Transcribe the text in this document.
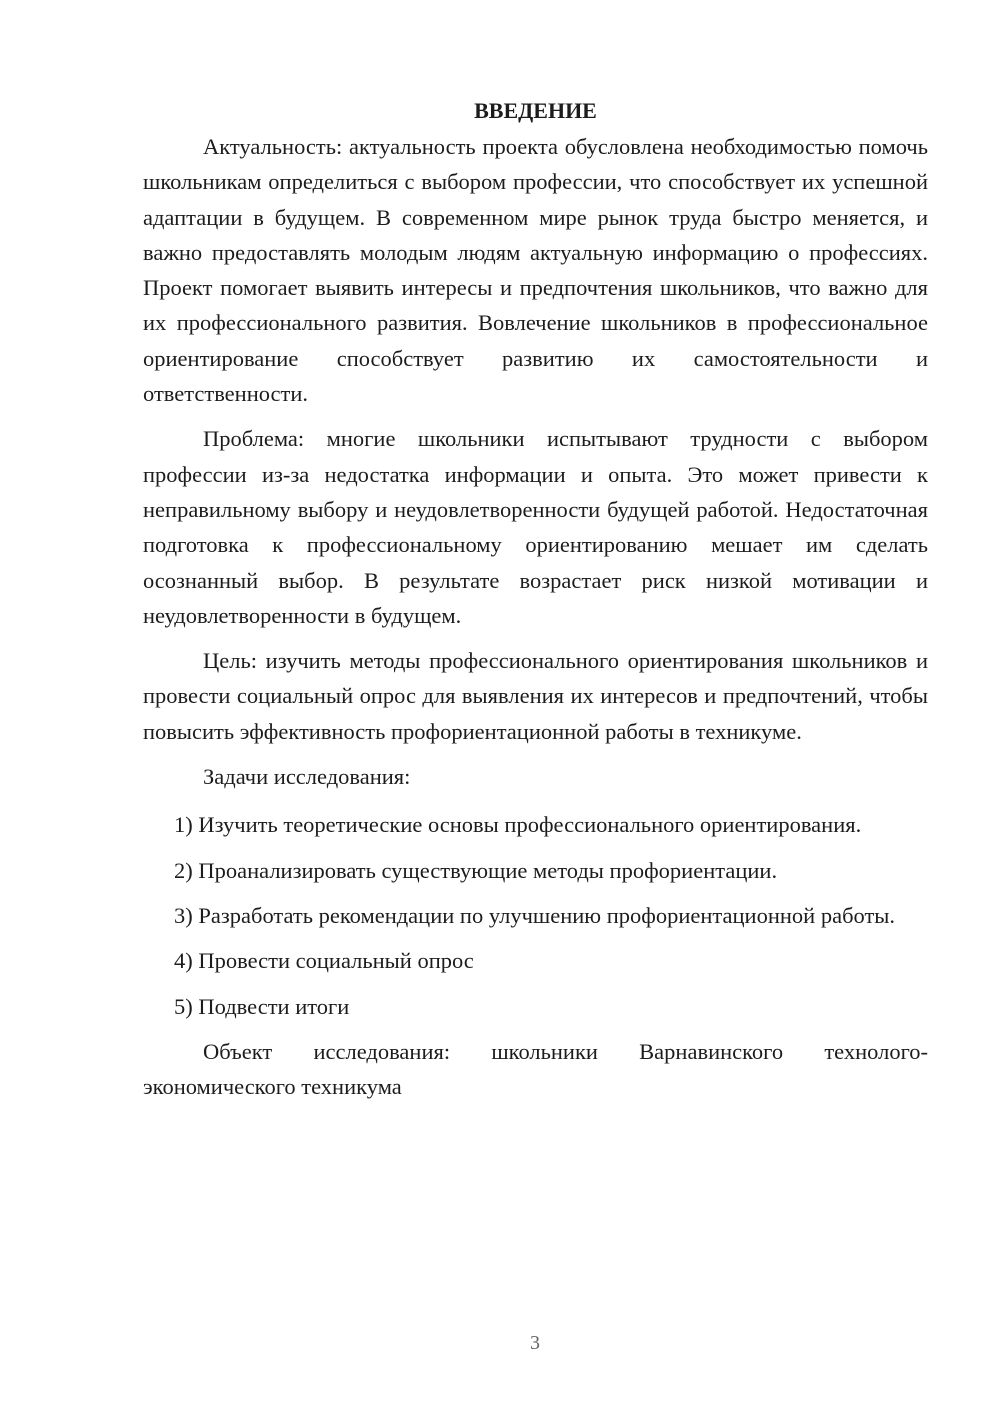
ВВЕДЕНИЕ

Актуальность: актуальность проекта обусловлена необходимостью помочь школьникам определиться с выбором профессии, что способствует их успешной адаптации в будущем. В современном мире рынок труда быстро меняется, и важно предоставлять молодым людям актуальную информацию о профессиях. Проект помогает выявить интересы и предпочтения школьников, что важно для их профессионального развития. Вовлечение школьников в профессиональное ориентирование способствует развитию их самостоятельности и ответственности.

Проблема: многие школьники испытывают трудности с выбором профессии из-за недостатка информации и опыта. Это может привести к неправильному выбору и неудовлетворенности будущей работой. Недостаточная подготовка к профессиональному ориентированию мешает им сделать осознанный выбор. В результате возрастает риск низкой мотивации и неудовлетворенности в будущем.

Цель: изучить методы профессионального ориентирования школьников и провести социальный опрос для выявления их интересов и предпочтений, чтобы повысить эффективность профориентационной работы в техникуме.

Задачи исследования:

1) Изучить теоретические основы профессионального ориентирования.

2) Проанализировать существующие методы профориентации.

3) Разработать рекомендации по улучшению профориентационной работы.

4) Провести социальный опрос

5) Подвести итоги

Объект исследования: школьники Варнавинского технолого-экономического техникума

3
